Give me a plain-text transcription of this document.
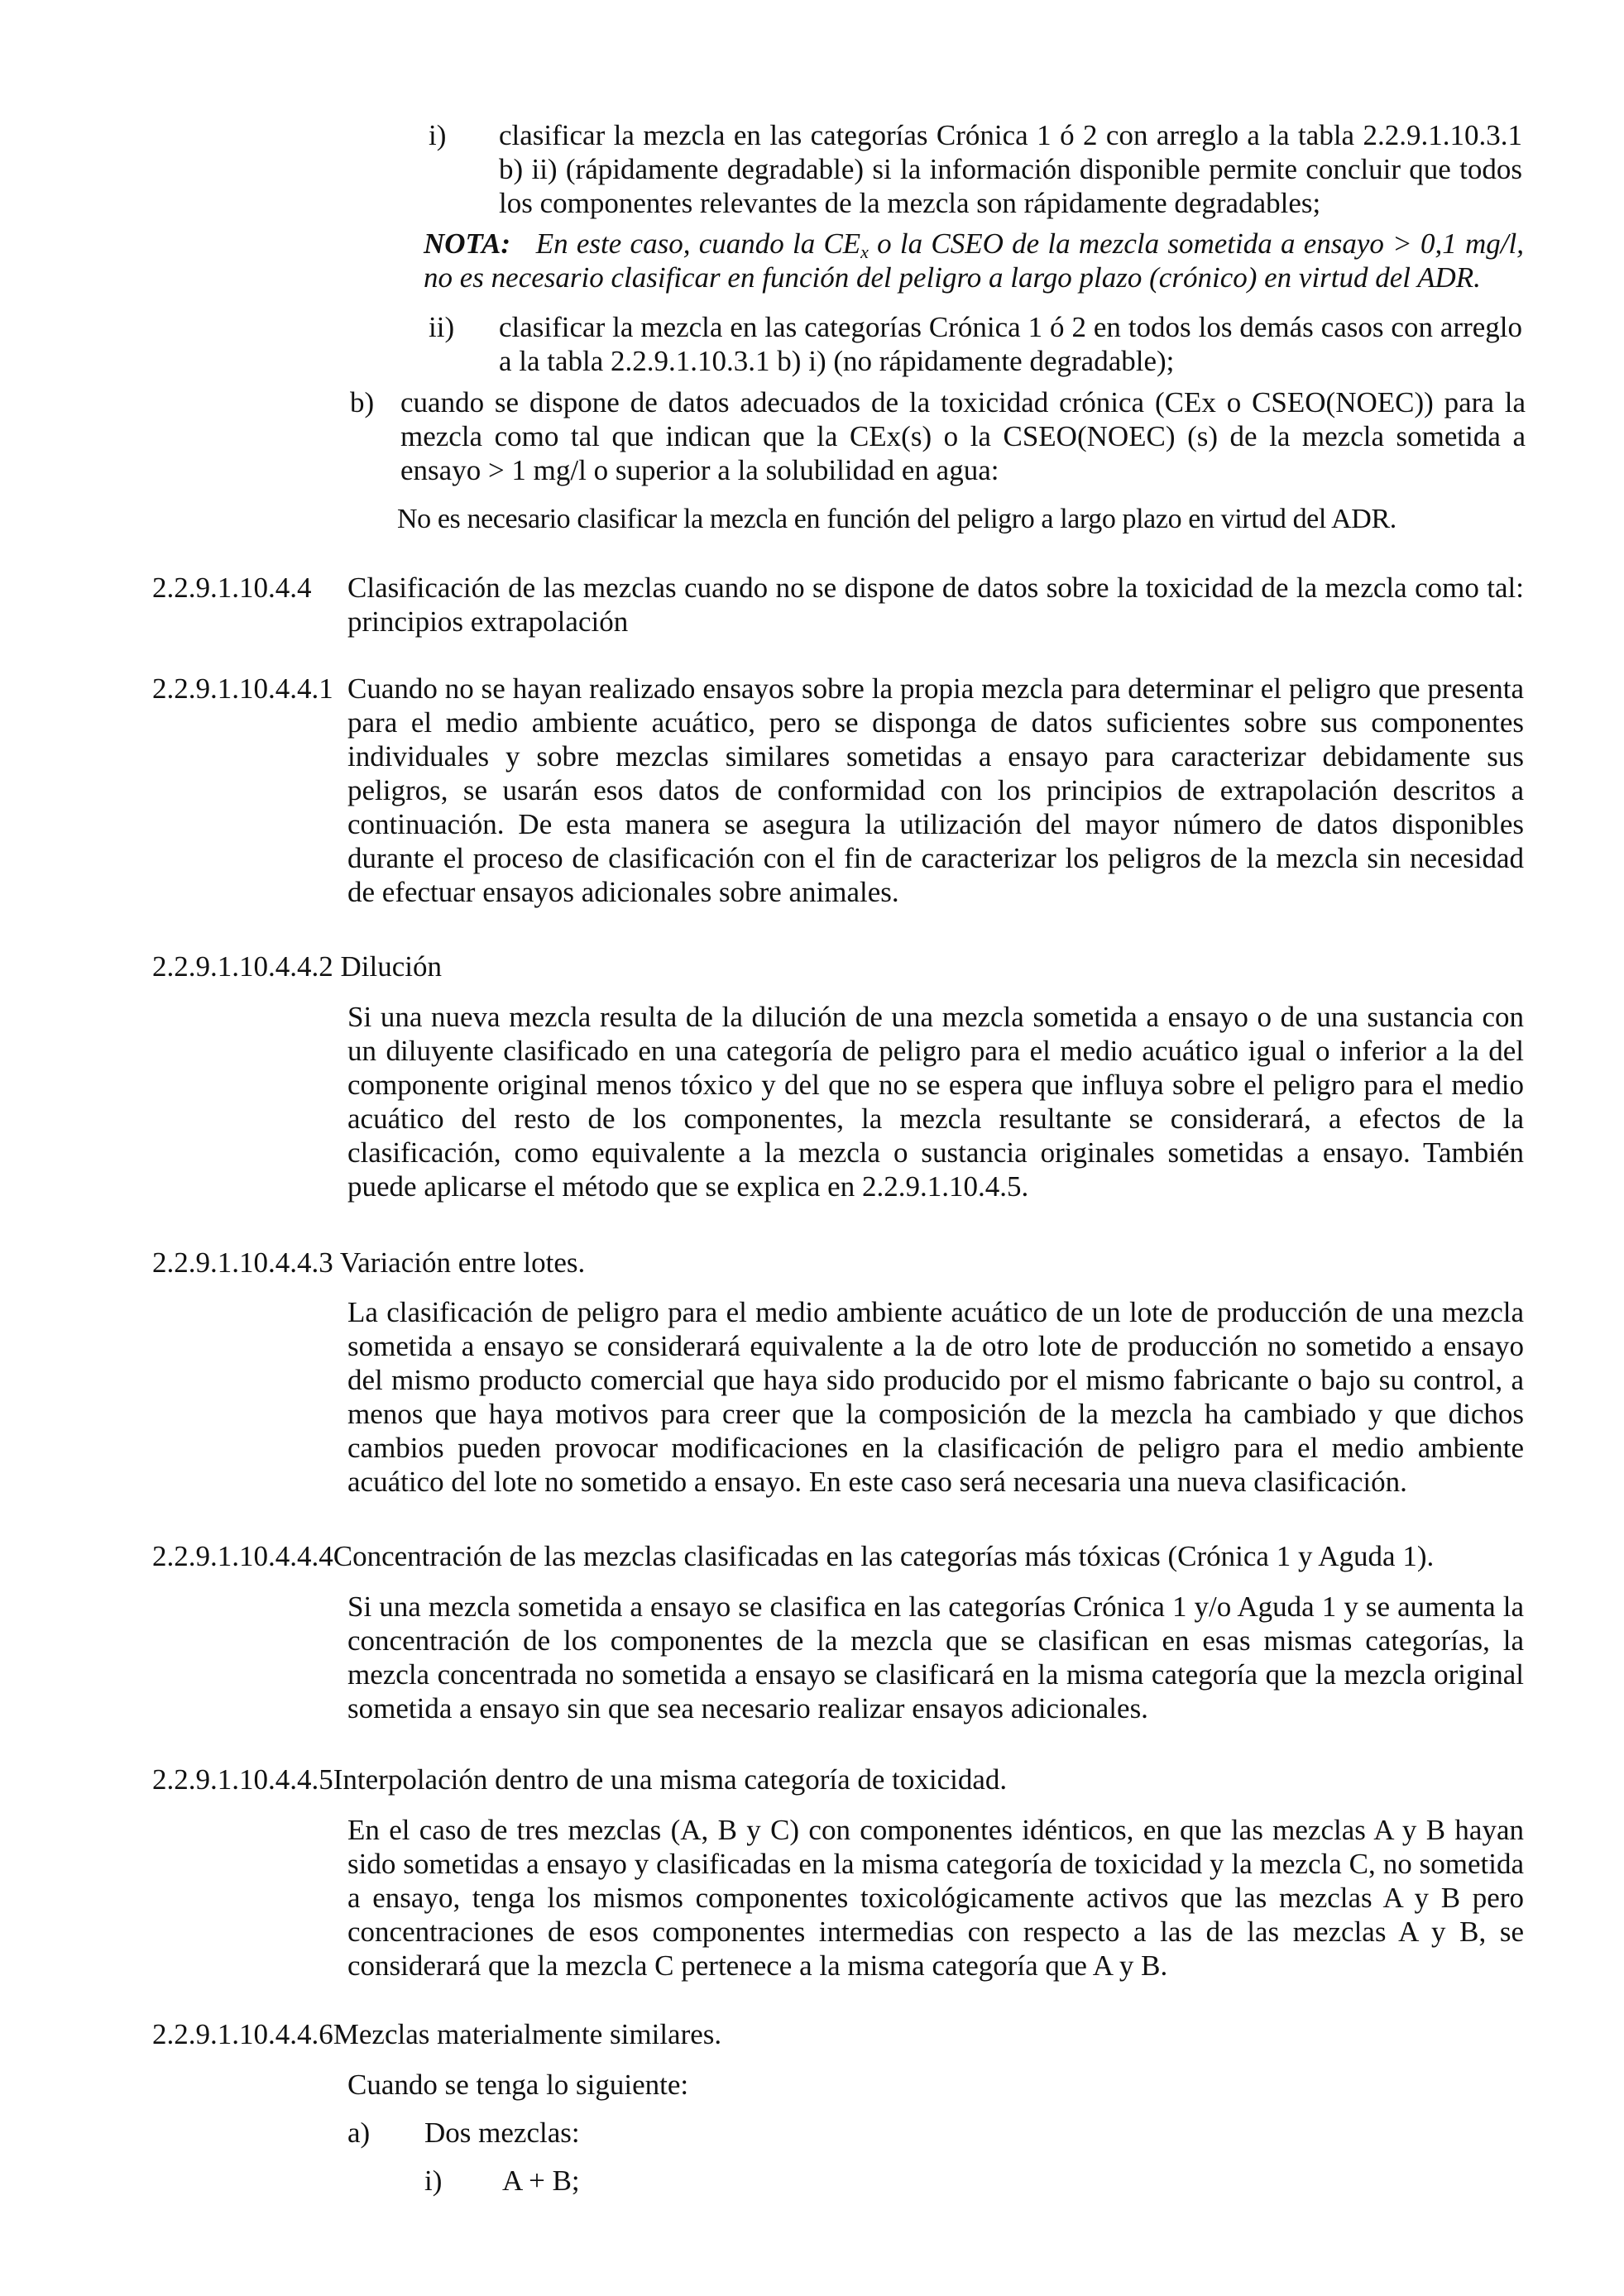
i) clasificar la mezcla en las categorías Crónica 1 ó 2 con arreglo a la tabla 2.2.9.1.10.3.1 b) ii) (rápidamente degradable) si la información disponible permite concluir que todos los componentes relevantes de la mezcla son rápidamente degradables;

NOTA: En este caso, cuando la $CE_x$ o la CSEO de la mezcla sometida a ensayo > 0,1 mg/l, no es necesario clasificar en función del peligro a largo plazo (crónico) en virtud del ADR.

ii) clasificar la mezcla en las categorías Crónica 1 ó 2 en todos los demás casos con arreglo a la tabla 2.2.9.1.10.3.1 b) i) (no rápidamente degradable);

b) cuando se dispone de datos adecuados de la toxicidad crónica (CEx o CSEO(NOEC)) para la mezcla como tal que indican que la CEx(s) o la CSEO(NOEC) (s) de la mezcla sometida a ensayo > 1 mg/l o superior a la solubilidad en agua:

No es necesario clasificar la mezcla en función del peligro a largo plazo en virtud del ADR.

2.2.9.1.10.4.4 Clasificación de las mezclas cuando no se dispone de datos sobre la toxicidad de la mezcla como tal: principios extrapolación

2.2.9.1.10.4.4.1 Cuando no se hayan realizado ensayos sobre la propia mezcla para determinar el peligro que presenta para el medio ambiente acuático, pero se disponga de datos suficientes sobre sus componentes individuales y sobre mezclas similares sometidas a ensayo para caracterizar debidamente sus peligros, se usarán esos datos de conformidad con los principios de extrapolación descritos a continuación. De esta manera se asegura la utilización del mayor número de datos disponibles durante el proceso de clasificación con el fin de caracterizar los peligros de la mezcla sin necesidad de efectuar ensayos adicionales sobre animales.

2.2.9.1.10.4.4.2 Dilución

Si una nueva mezcla resulta de la dilución de una mezcla sometida a ensayo o de una sustancia con un diluyente clasificado en una categoría de peligro para el medio acuático igual o inferior a la del componente original menos tóxico y del que no se espera que influya sobre el peligro para el medio acuático del resto de los componentes, la mezcla resultante se considerará, a efectos de la clasificación, como equivalente a la mezcla o sustancia originales sometidas a ensayo. También puede aplicarse el método que se explica en 2.2.9.1.10.4.5.

2.2.9.1.10.4.4.3 Variación entre lotes.

La clasificación de peligro para el medio ambiente acuático de un lote de producción de una mezcla sometida a ensayo se considerará equivalente a la de otro lote de producción no sometido a ensayo del mismo producto comercial que haya sido producido por el mismo fabricante o bajo su control, a menos que haya motivos para creer que la composición de la mezcla ha cambiado y que dichos cambios pueden provocar modificaciones en la clasificación de peligro para el medio ambiente acuático del lote no sometido a ensayo. En este caso será necesaria una nueva clasificación.

2.2.9.1.10.4.4.4Concentración de las mezclas clasificadas en las categorías más tóxicas (Crónica 1 y Aguda 1).

Si una mezcla sometida a ensayo se clasifica en las categorías Crónica 1 y/o Aguda 1 y se aumenta la concentración de los componentes de la mezcla que se clasifican en esas mismas categorías, la mezcla concentrada no sometida a ensayo se clasificará en la misma categoría que la mezcla original sometida a ensayo sin que sea necesario realizar ensayos adicionales.

2.2.9.1.10.4.4.5Interpolación dentro de una misma categoría de toxicidad.

En el caso de tres mezclas (A, B y C) con componentes idénticos, en que las mezclas A y B hayan sido sometidas a ensayo y clasificadas en la misma categoría de toxicidad y la mezcla C, no sometida a ensayo, tenga los mismos componentes toxicológicamente activos que las mezclas A y B pero concentraciones de esos componentes intermedias con respecto a las de las mezclas A y B, se considerará que la mezcla C pertenece a la misma categoría que A y B.

2.2.9.1.10.4.4.6Mezclas materialmente similares.

Cuando se tenga lo siguiente:

a) Dos mezclas:

i) A + B;
